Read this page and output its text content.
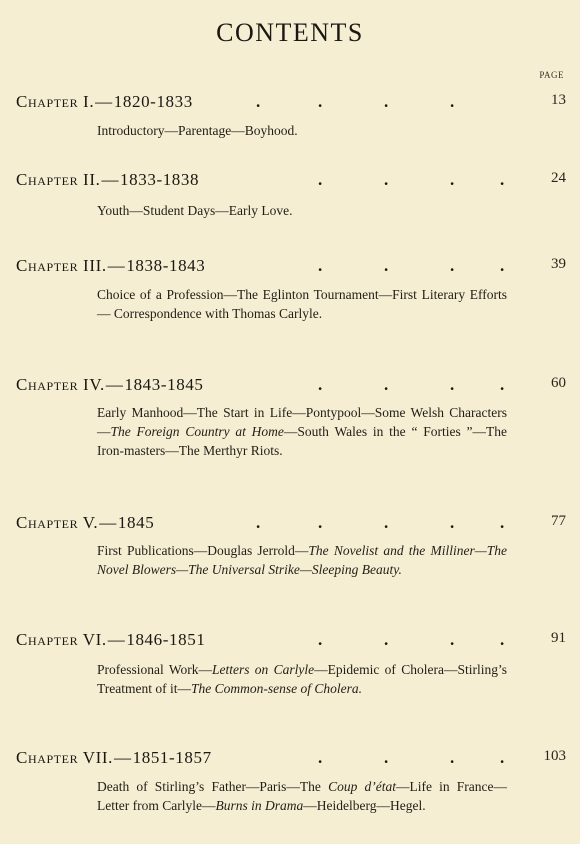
CONTENTS
PAGE
Chapter I.—1820-1833	.	.	.	.	13
Introductory—Parentage—Boyhood.
Chapter II.—1833-1838	.	.	.	.	24
Youth—Student Days—Early Love.
Chapter III.—1838-1843	.	.	.	.	39
Choice of a Profession—The Eglinton Tournament—First Literary Efforts — Correspondence with Thomas Carlyle.
Chapter IV.—1843-1845	.	.	.	.	60
Early Manhood—The Start in Life—Pontypool—Some Welsh Characters—The Foreign Country at Home—South Wales in the “ Forties ”—The Iron-masters—The Merthyr Riots.
Chapter V.—1845	.	.	.	.	.	77
First Publications—Douglas Jerrold—The Novelist and the Milliner—The Novel Blowers—The Universal Strike—Sleeping Beauty.
Chapter VI.—1846-1851	.	.	.	.	91
Professional Work—Letters on Carlyle—Epidemic of Cholera—Stirling’s Treatment of it—The Common-sense of Cholera.
Chapter VII.—1851-1857	.	.	.	.	103
Death of Stirling’s Father—Paris—The Coup d’état—Life in France—Letter from Carlyle—Burns in Drama—Heidelberg—Hegel.
